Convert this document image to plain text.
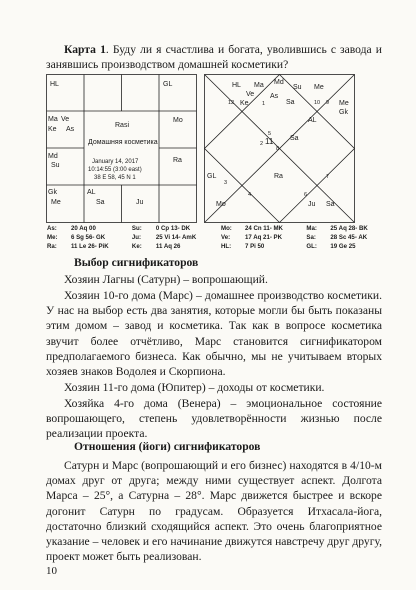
Карта 1. Буду ли я счастлива и богата, уволившись с завода и занявшись производством домашней косметики?

HL	GL
Ma Ve
Ke As
Mo
Md
Su
Ra
Gk	AL
Me	Sa	Ju
Rasi
Домашняя косметика
January 14, 2017
10:14:55 (3:00 east)
38 E 58, 45 N 1
Md
HL Ma
Ve As
12 Ke 1
Su Me
Sa	10 9 Me
Gk
AL
5
2 11
8
Sa
GL
3
4
Ra	7
6
Mo	Ju Sa
As:	20 Aq 00	Su:	0 Cp 13- DK	Mo:	24 Cn 11- MK	Ma:	25 Aq 28- BK
Me:	6 Sg 56- GK	Ju:	25 Vi 14- AmK	Ve:	17 Aq 21- PK	Sa:	28 Sc 45- AK
Ra:	11 Le 26- PiK	Ke:	11 Aq 26	HL:	7 Pi 50	GL:	19 Ge 25
Выбор сигнификаторов

Хозяин Лагны (Сатурн) – вопрошающий.

Хозяин 10-го дома (Марс) – домашнее производство косметики. У нас на выбор есть два занятия, которые могли бы быть показаны этим домом – завод и косметика. Так как в вопросе косметика звучит более отчётливо, Марс становится сигнификатором предполагаемого бизнеса. Как обычно, мы не учитываем вторых хозяев знаков Водолея и Скорпиона.

Хозяин 11-го дома (Юпитер) – доходы от косметики.

Хозяйка 4-го дома (Венера) – эмоциональное состояние вопрошающего, степень удовлетворённости жизнью после реализации проекта.

Отношения (йоги) сигнификаторов

Сатурн и Марс (вопрошающий и его бизнес) находятся в 4/10-м домах друг от друга; между ними существует аспект. Долгота Марса – 25°, а Сатурна – 28°. Марс движется быстрее и вскоре догонит Сатурн по градусам. Образуется Итхасала-йога, достаточно близкий сходящийся аспект. Это очень благоприятное указание – человек и его начинание движутся навстречу друг другу, проект может быть реализован.

10
